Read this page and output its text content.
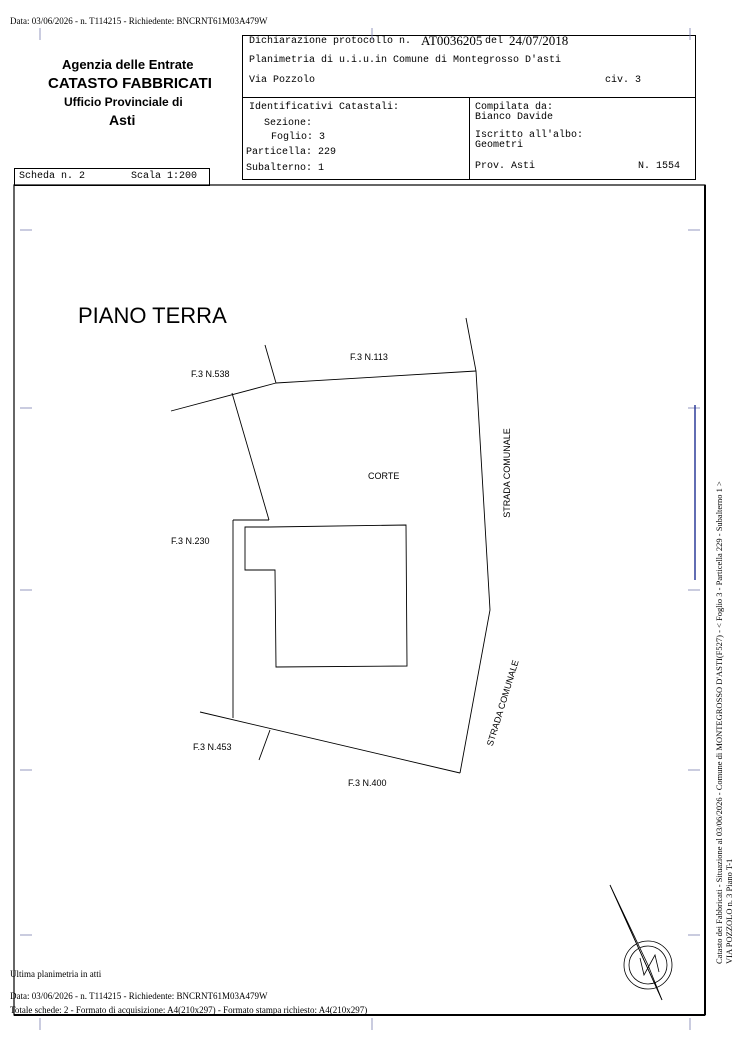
Data: 03/06/2026 - n. T114215 - Richiedente: BNCRNT61M03A479W
Agenzia delle Entrate
CATASTO FABBRICATI
Ufficio Provinciale di
Asti
Dichiarazione protocollo n. AT0036205 del 24/07/2018
Planimetria di u.i.u.in Comune di Montegrosso D'asti
Via Pozzolo	civ. 3
Identificativi Catastali:
Sezione:
Foglio: 3
Particella: 229
Subalterno: 1
Compilata da:
Bianco Davide
Iscritto all'albo:
Geometri
Prov. Asti	N. 1554
Scheda n. 2	Scala 1:200
PIANO TERRA
F.3 N.113
F.3 N.538
CORTE
F.3 N.230
STRADA COMUNALE
STRADA COMUNALE
F.3 N.453
F.3 N.400	Catasto dei Fabbricati - Situazione al 03/06/2026 - Comune di MONTEGROSSO D'ASTI(F527) - < Foglio 3 - Particella 229 - Subalterno 1 > VIA POZZOLO n. 3 Piano T-1
Ultima planimetria in atti
Data: 03/06/2026 - n. T114215 - Richiedente: BNCRNT61M03A479W
Totale schede: 2 - Formato di acquisizione: A4(210x297) - Formato stampa richiesto: A4(210x297)
